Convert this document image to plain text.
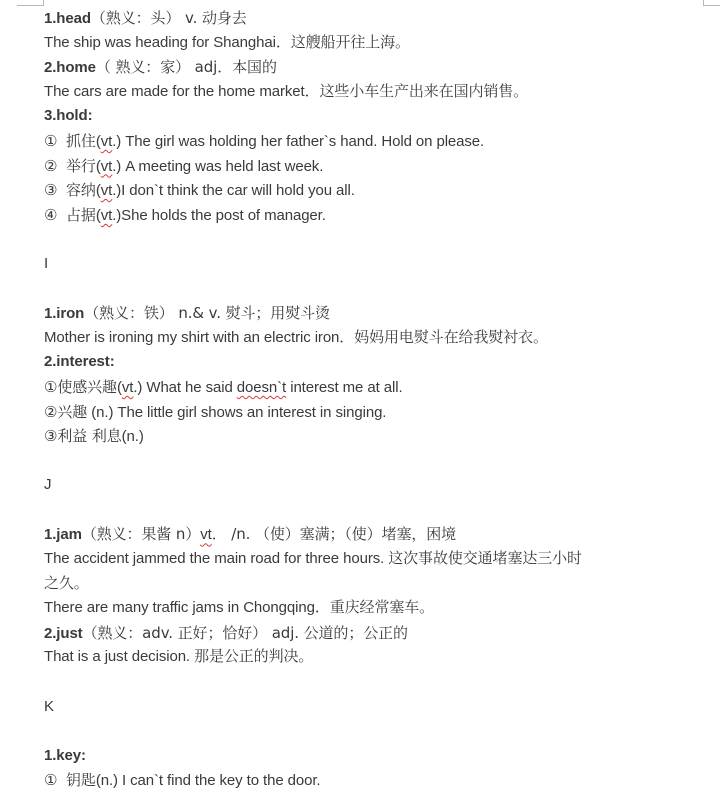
1.head（熟义：头） v. 动身去
The ship was heading for Shanghai．这艘船开往上海。
2.home（ 熟义：家） adj．本国的
The cars are made for the home market．这些小车生产出来在国内销售。
3.hold:
① 抓住(vt.) The girl was holding her father`s hand. Hold on please.
② 举行(vt.) A meeting was held last week.
③ 容纳(vt.)I don`t think the car will hold you all.
④ 占据(vt.)She holds the post of manager.
I
1.iron（熟义：铁） n.& v. 熨斗；用熨斗烫
Mother is ironing my shirt with an electric iron．妈妈用电熨斗在给我熨衬衣。
2.interest:
①使感兴趣(vt.) What he said doesn`t interest me at all.
②兴趣 (n.) The little girl shows an interest in singing.
③利益 利息(n.)
J
1.jam（熟义：果酱 n）vt． /n. （使）塞满；（使）堵塞，困境
The accident jammed the main road for three hours. 这次事故使交通堵塞达三小时
之久。
There are many traffic jams in Chongqing．重庆经常塞车。
2.just（熟义：adv. 正好；恰好） adj. 公道的；公正的
That is a just decision. 那是公正的判决。
K
1.key:
① 钥匙(n.) I can`t find the key to the door.
